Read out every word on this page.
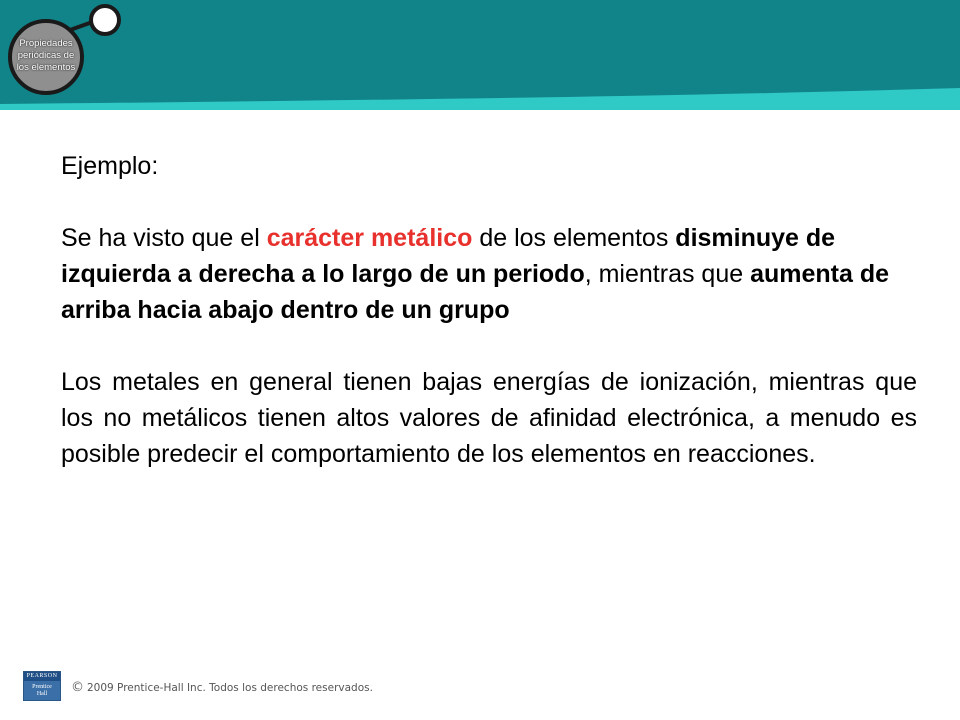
Propiedades
periódicas de
los elementos

Ejemplo:

Se ha visto que el carácter metálico de los elementos disminuye de izquierda a derecha a lo largo de un periodo, mientras que aumenta de arriba hacia abajo dentro de un grupo

Los metales en general tienen bajas energías de ionización, mientras que los no metálicos tienen altos valores de afinidad electrónica, a menudo es posible predecir el comportamiento de los elementos en reacciones.

PEARSON
Prentice
Hall	© 2009 Prentice-Hall Inc. Todos los derechos reservados.
